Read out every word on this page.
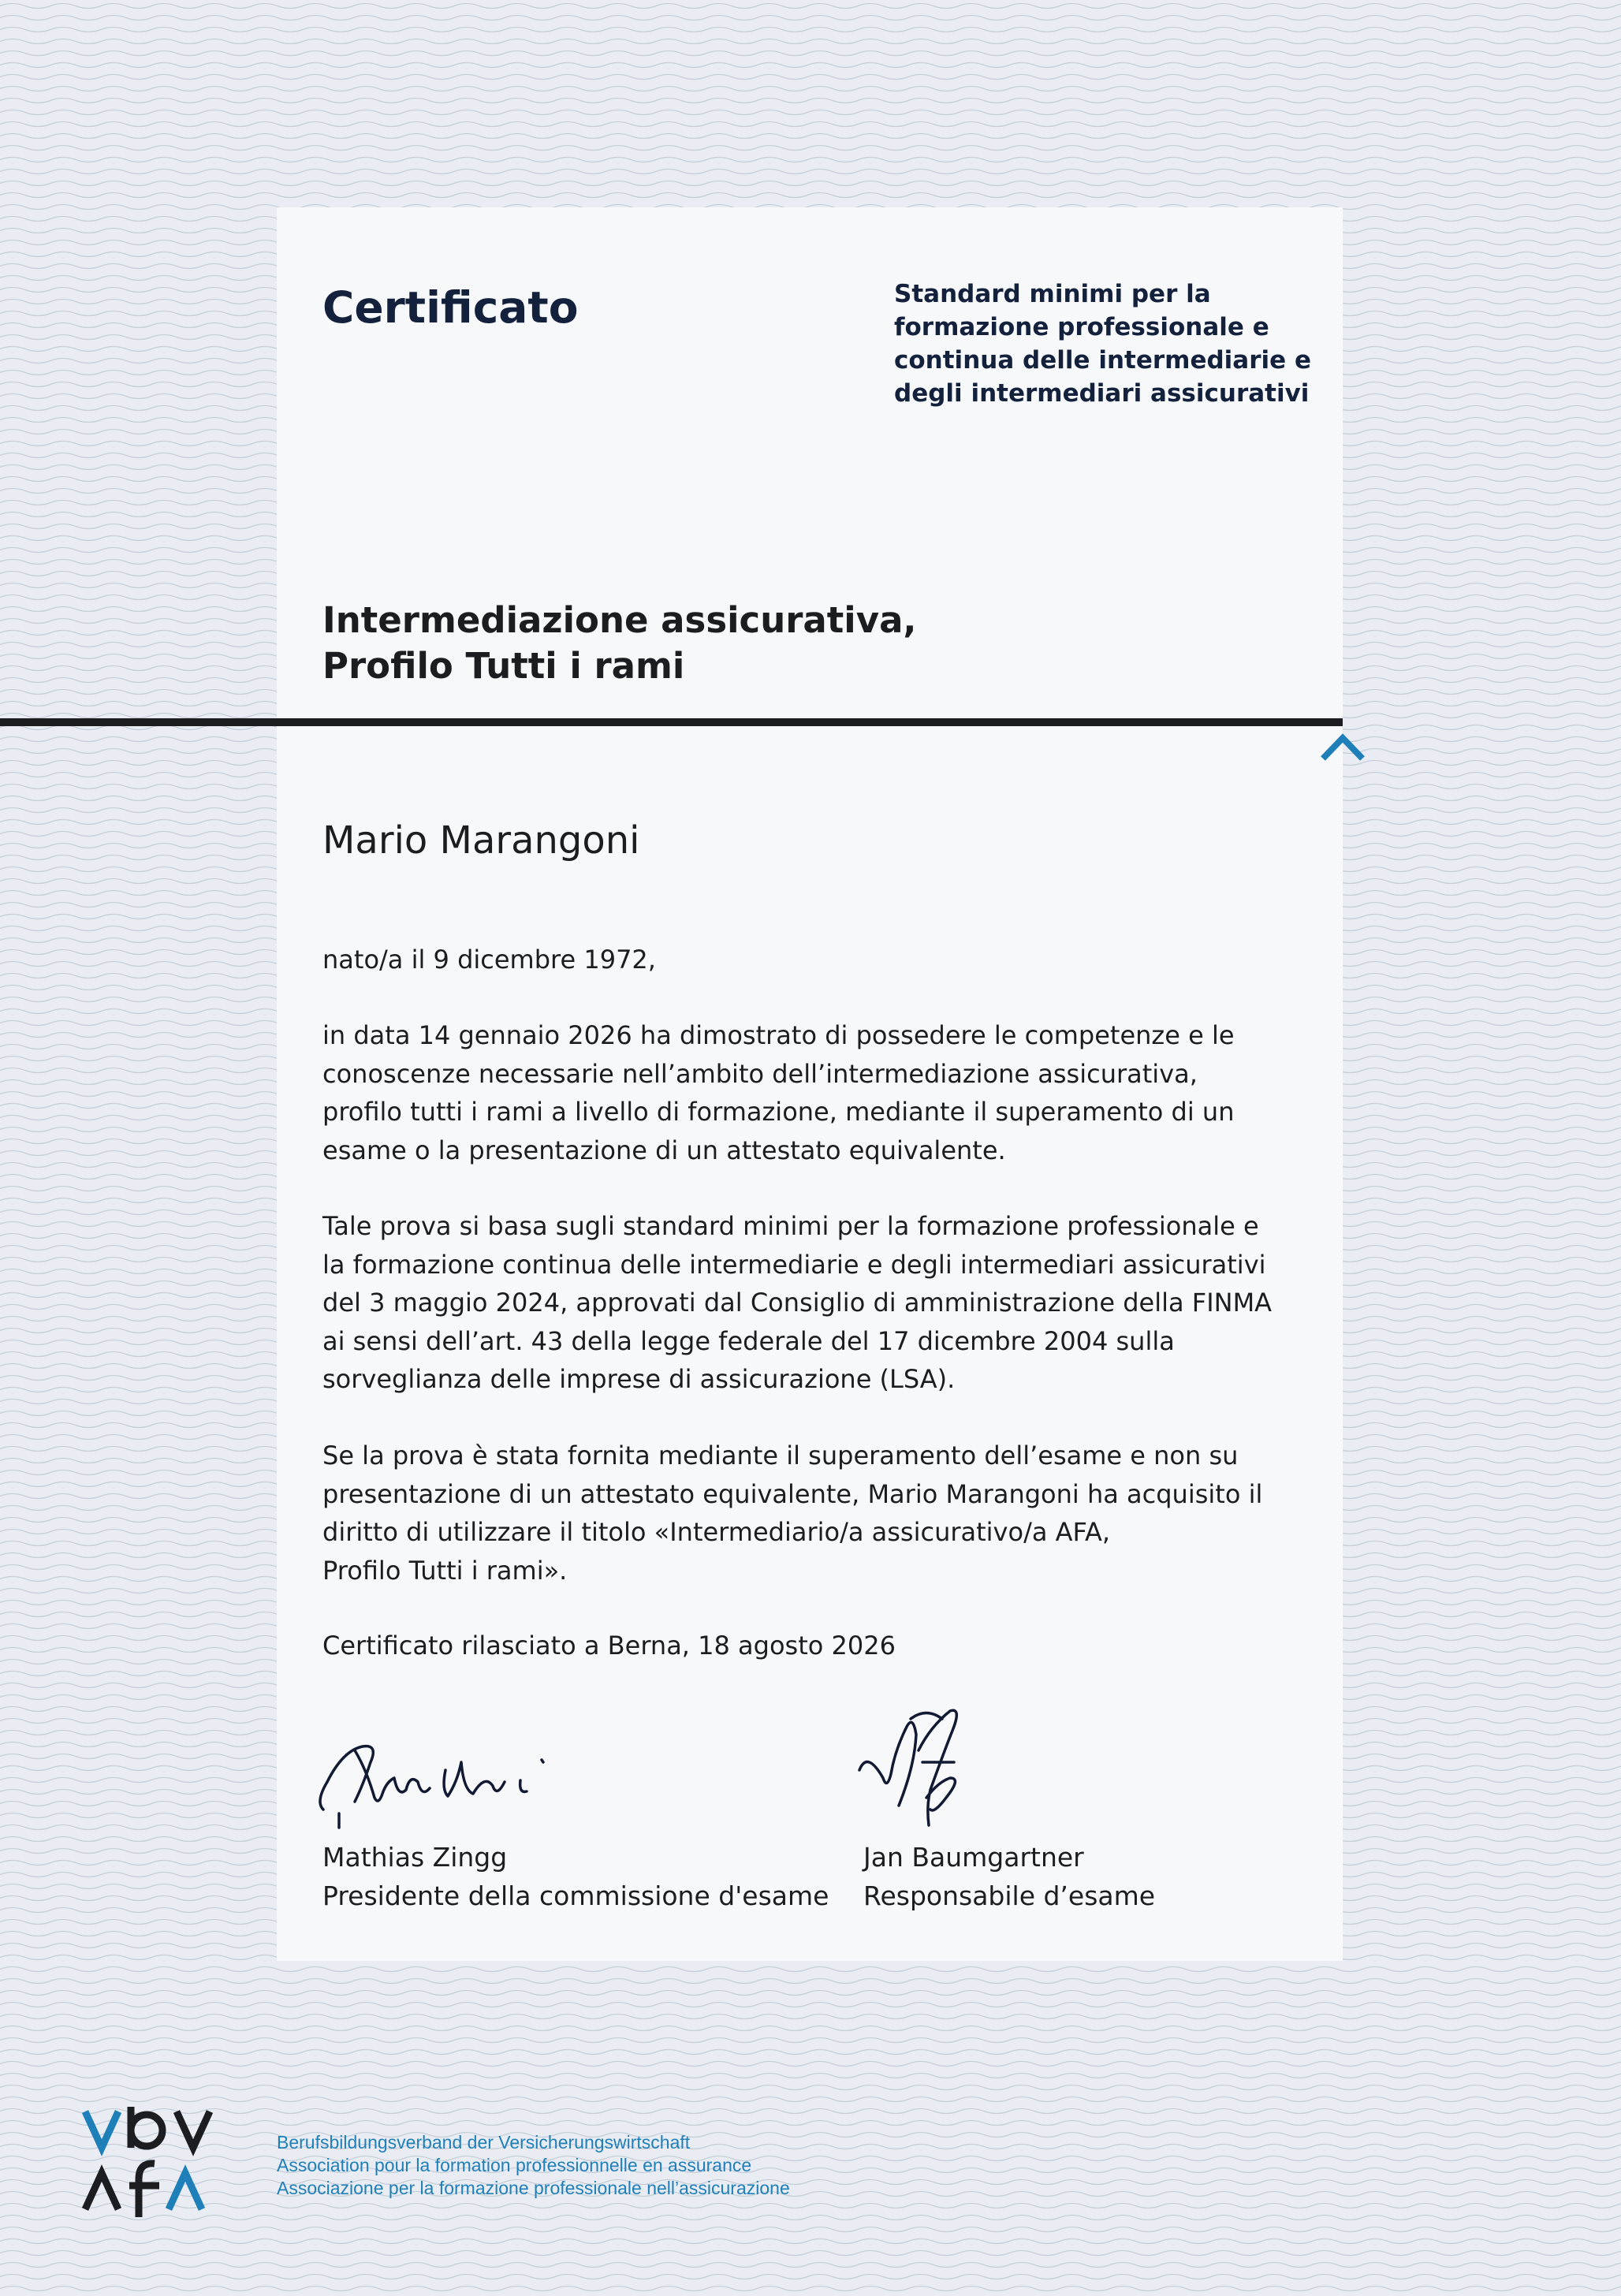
Certificato	Standard minimi per la
formazione professionale e
continua delle intermediarie e
degli intermediari assicurativi
Intermediazione assicurativa,
Profilo Tutti i rami

Mario Marangoni

nato/a il 9 dicembre 1972,

in data 14 gennaio 2026 ha dimostrato di possedere le competenze e le
conoscenze necessarie nell’ambito dell’intermediazione assicurativa,
profilo tutti i rami a livello di formazione, mediante il superamento di un
esame o la presentazione di un attestato equivalente.

Tale prova si basa sugli standard minimi per la formazione professionale e
la formazione continua delle intermediarie e degli intermediari assicurativi
del 3 maggio 2024, approvati dal Consiglio di amministrazione della FINMA
ai sensi dell’art. 43 della legge federale del 17 dicembre 2004 sulla
sorveglianza delle imprese di assicurazione (LSA).

Se la prova è stata fornita mediante il superamento dell’esame e non su
presentazione di un attestato equivalente, Mario Marangoni ha acquisito il
diritto di utilizzare il titolo «Intermediario/a assicurativo/a AFA,
Profilo Tutti i rami».

Certificato rilasciato a Berna, 18 agosto 2026

Mathias Zingg
Presidente della commissione d'esame
Jan Baumgartner
Responsabile d’esame
Berufsbildungsverband der Versicherungswirtschaft
Association pour la formation professionnelle en assurance
Associazione per la formazione professionale nell’assicurazione
